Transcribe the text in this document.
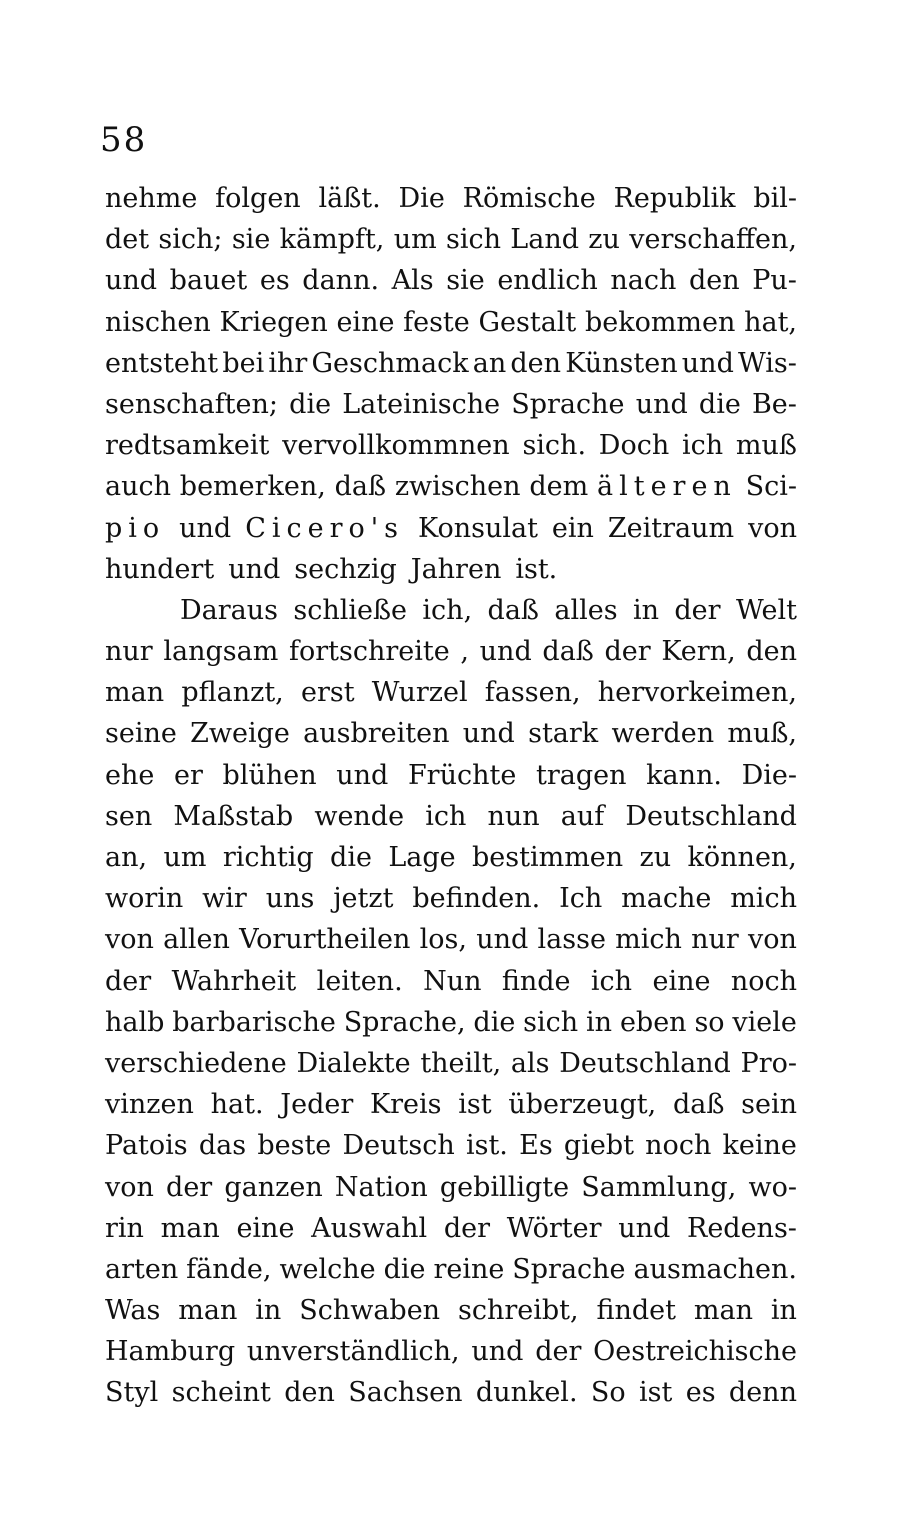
58
nehme folgen läßt. Die Römische Republik bil-
det sich; sie kämpft, um sich Land zu verschaffen,
und bauet es dann. Als sie endlich nach den Pu-
nischen Kriegen eine feste Gestalt bekommen hat,
entsteht bei ihr Geschmack an den Künsten und Wis-
senschaften; die Lateinische Sprache und die Be-
redtsamkeit vervollkommnen sich. Doch ich muß
auch bemerken, daß zwischen dem älteren Sci-
pio und Cicero's Konsulat ein Zeitraum von
hundert und sechzig Jahren ist.
Daraus schließe ich, daß alles in der Welt
nur langsam fortschreite , und daß der Kern, den
man pflanzt, erst Wurzel fassen, hervorkeimen,
seine Zweige ausbreiten und stark werden muß,
ehe er blühen und Früchte tragen kann. Die-
sen Maßstab wende ich nun auf Deutschland
an, um richtig die Lage bestimmen zu können,
worin wir uns jetzt befinden. Ich mache mich
von allen Vorurtheilen los, und lasse mich nur von
der Wahrheit leiten. Nun finde ich eine noch
halb barbarische Sprache, die sich in eben so viele
verschiedene Dialekte theilt, als Deutschland Pro-
vinzen hat. Jeder Kreis ist überzeugt, daß sein
Patois das beste Deutsch ist. Es giebt noch keine
von der ganzen Nation gebilligte Sammlung, wo-
rin man eine Auswahl der Wörter und Redens-
arten fände, welche die reine Sprache ausmachen.
Was man in Schwaben schreibt, findet man in
Hamburg unverständlich, und der Oestreichische
Styl scheint den Sachsen dunkel. So ist es denn
